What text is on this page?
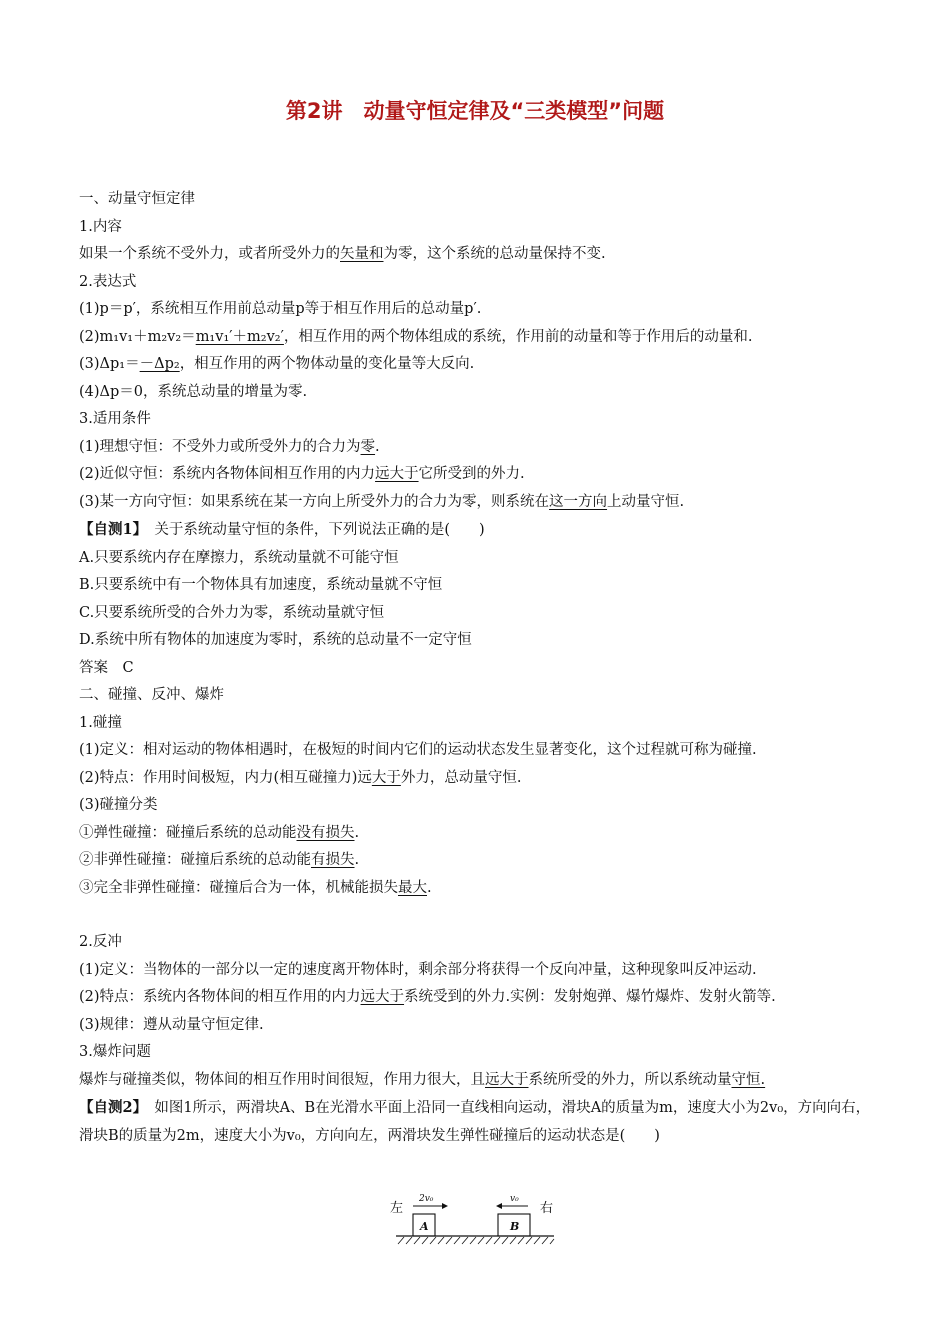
第2讲　动量守恒定律及“三类模型”问题
一、动量守恒定律
1.内容
如果一个系统不受外力，或者所受外力的矢量和为零，这个系统的总动量保持不变.
2.表达式
(1)p＝p′，系统相互作用前总动量p等于相互作用后的总动量p′.
(2)m₁v₁＋m₂v₂＝m₁v₁′＋m₂v₂′，相互作用的两个物体组成的系统，作用前的动量和等于作用后的动量和.
(3)Δp₁＝－Δp₂，相互作用的两个物体动量的变化量等大反向.
(4)Δp＝0，系统总动量的增量为零.
3.适用条件
(1)理想守恒：不受外力或所受外力的合力为零.
(2)近似守恒：系统内各物体间相互作用的内力远大于它所受到的外力.
(3)某一方向守恒：如果系统在某一方向上所受外力的合力为零，则系统在这一方向上动量守恒.
【自测1】　关于系统动量守恒的条件，下列说法正确的是(　　)
A.只要系统内存在摩擦力，系统动量就不可能守恒
B.只要系统中有一个物体具有加速度，系统动量就不守恒
C.只要系统所受的合外力为零，系统动量就守恒
D.系统中所有物体的加速度为零时，系统的总动量不一定守恒
答案　C
二、碰撞、反冲、爆炸
1.碰撞
(1)定义：相对运动的物体相遇时，在极短的时间内它们的运动状态发生显著变化，这个过程就可称为碰撞.
(2)特点：作用时间极短，内力(相互碰撞力)远大于外力，总动量守恒.
(3)碰撞分类
①弹性碰撞：碰撞后系统的总动能没有损失.
②非弹性碰撞：碰撞后系统的总动能有损失.
③完全非弹性碰撞：碰撞后合为一体，机械能损失最大.
2.反冲
(1)定义：当物体的一部分以一定的速度离开物体时，剩余部分将获得一个反向冲量，这种现象叫反冲运动.
(2)特点：系统内各物体间的相互作用的内力远大于系统受到的外力.实例：发射炮弹、爆竹爆炸、发射火箭等.
(3)规律：遵从动量守恒定律.
3.爆炸问题
爆炸与碰撞类似，物体间的相互作用时间很短，作用力很大，且远大于系统所受的外力，所以系统动量守恒.
【自测2】　如图1所示，两滑块A、B在光滑水平面上沿同一直线相向运动，滑块A的质量为m，速度大小为2v₀，方向向右，滑块B的质量为2m，速度大小为v₀，方向向左，两滑块发生弹性碰撞后的运动状态是(　　)
左	右
2v₀	v₀
A	B
